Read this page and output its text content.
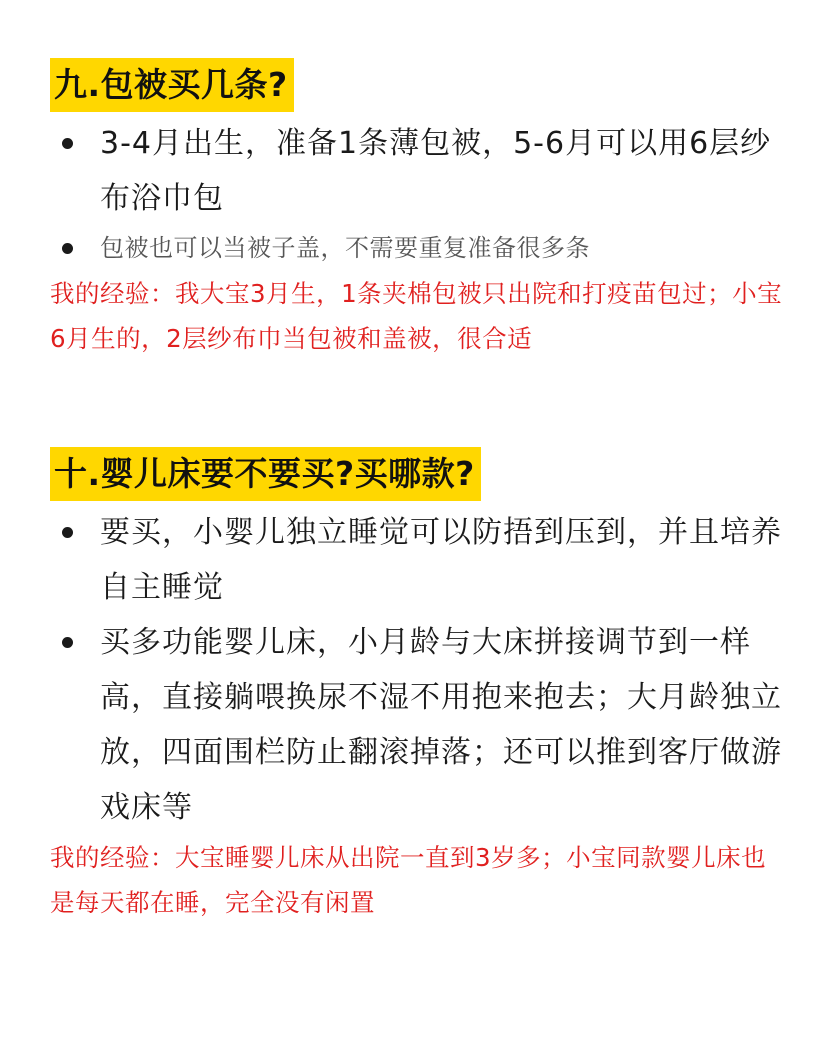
九.包被买几条?
3-4月出生，准备1条薄包被，5-6月可以用6层纱布浴巾包
包被也可以当被子盖，不需要重复准备很多条

我的经验：我大宝3月生，1条夹棉包被只出院和打疫苗包过；小宝6月生的，2层纱布巾当包被和盖被，很合适

十.婴儿床要不要买?买哪款?
要买，小婴儿独立睡觉可以防捂到压到，并且培养自主睡觉
买多功能婴儿床，小月龄与大床拼接调节到一样高，直接躺喂换尿不湿不用抱来抱去；大月龄独立放，四面围栏防止翻滚掉落；还可以推到客厅做游戏床等

我的经验：大宝睡婴儿床从出院一直到3岁多；小宝同款婴儿床也是每天都在睡，完全没有闲置
